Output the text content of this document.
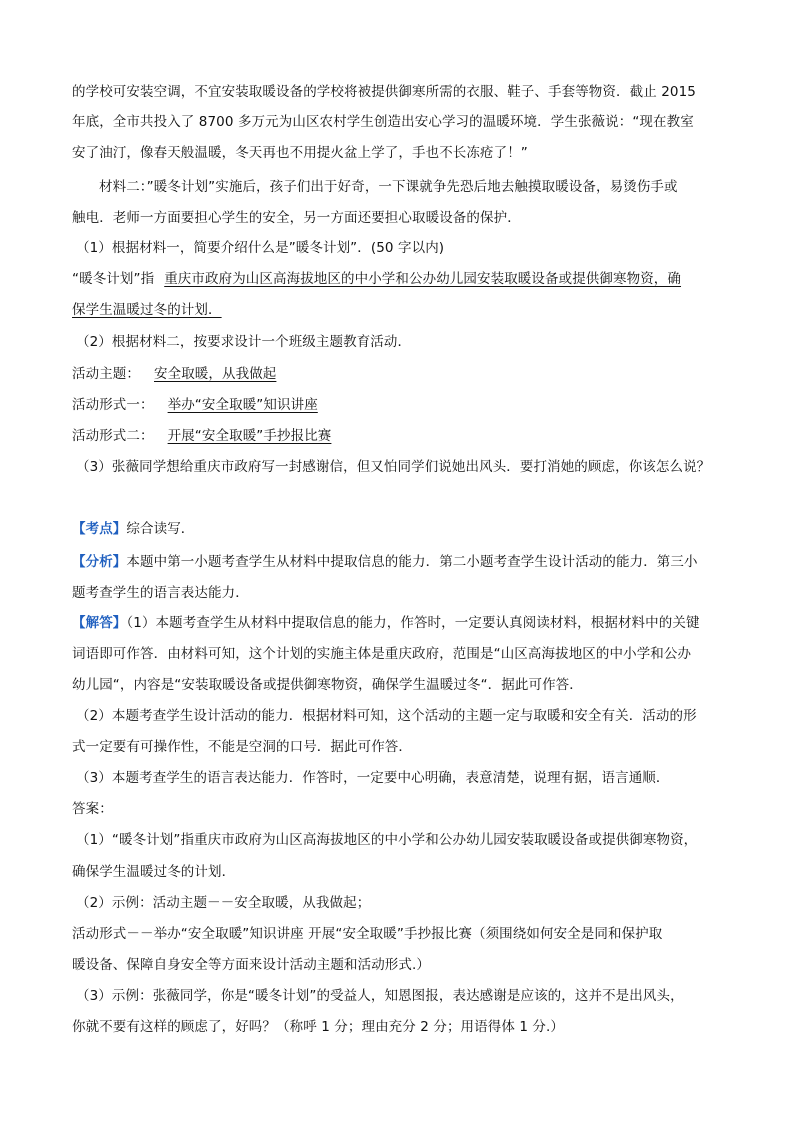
的学校可安装空调，不宜安装取暖设备的学校将被提供御寒所需的衣服、鞋子、手套等物资．截止 2015
年底，全市共投入了 8700 多万元为山区农村学生创造出安心学习的温暖环境．学生张薇说：“现在教室
安了油汀，像春天般温暖，冬天再也不用提火盆上学了，手也不长冻疮了！”
材料二：”暖冬计划”实施后，孩子们出于好奇，一下课就争先恐后地去触摸取暖设备，易烫伤手或
触电．老师一方面要担心学生的安全，另一方面还要担心取暖设备的保护．
（1）根据材料一，简要介绍什么是”暖冬计划”．(50 字以内)
“暖冬计划”指 重庆市政府为山区高海拔地区的中小学和公办幼儿园安装取暖设备或提供御寒物资，确
保学生温暖过冬的计划．
（2）根据材料二，按要求设计一个班级主题教育活动．
活动主题： 安全取暖，从我做起
活动形式一： 举办“安全取暖”知识讲座
活动形式二： 开展“安全取暖”手抄报比赛
（3）张薇同学想给重庆市政府写一封感谢信，但又怕同学们说她出风头．要打消她的顾虑，你该怎么说？
【考点】综合读写．
【分析】本题中第一小题考查学生从材料中提取信息的能力．第二小题考查学生设计活动的能力．第三小
题考查学生的语言表达能力．
【解答】（1）本题考查学生从材料中提取信息的能力，作答时，一定要认真阅读材料，根据材料中的关键
词语即可作答．由材料可知，这个计划的实施主体是重庆政府，范围是“山区高海拔地区的中小学和公办
幼儿园“，内容是“安装取暖设备或提供御寒物资，确保学生温暖过冬“．据此可作答．
（2）本题考查学生设计活动的能力．根据材料可知，这个活动的主题一定与取暖和安全有关．活动的形
式一定要有可操作性，不能是空洞的口号．据此可作答．
（3）本题考查学生的语言表达能力．作答时，一定要中心明确，表意清楚，说理有据，语言通顺．
答案：
（1）“暖冬计划”指重庆市政府为山区高海拔地区的中小学和公办幼儿园安装取暖设备或提供御寒物资，
确保学生温暖过冬的计划．
（2）示例：活动主题－－安全取暖，从我做起；
活动形式－－举办“安全取暖”知识讲座 开展“安全取暖”手抄报比赛（须围绕如何安全是同和保护取
暖设备、保障自身安全等方面来设计活动主题和活动形式.）
（3）示例：张薇同学，你是“暖冬计划”的受益人，知恩图报，表达感谢是应该的，这并不是出风头，
你就不要有这样的顾虑了，好吗？（称呼 1 分；理由充分 2 分；用语得体 1 分.）
